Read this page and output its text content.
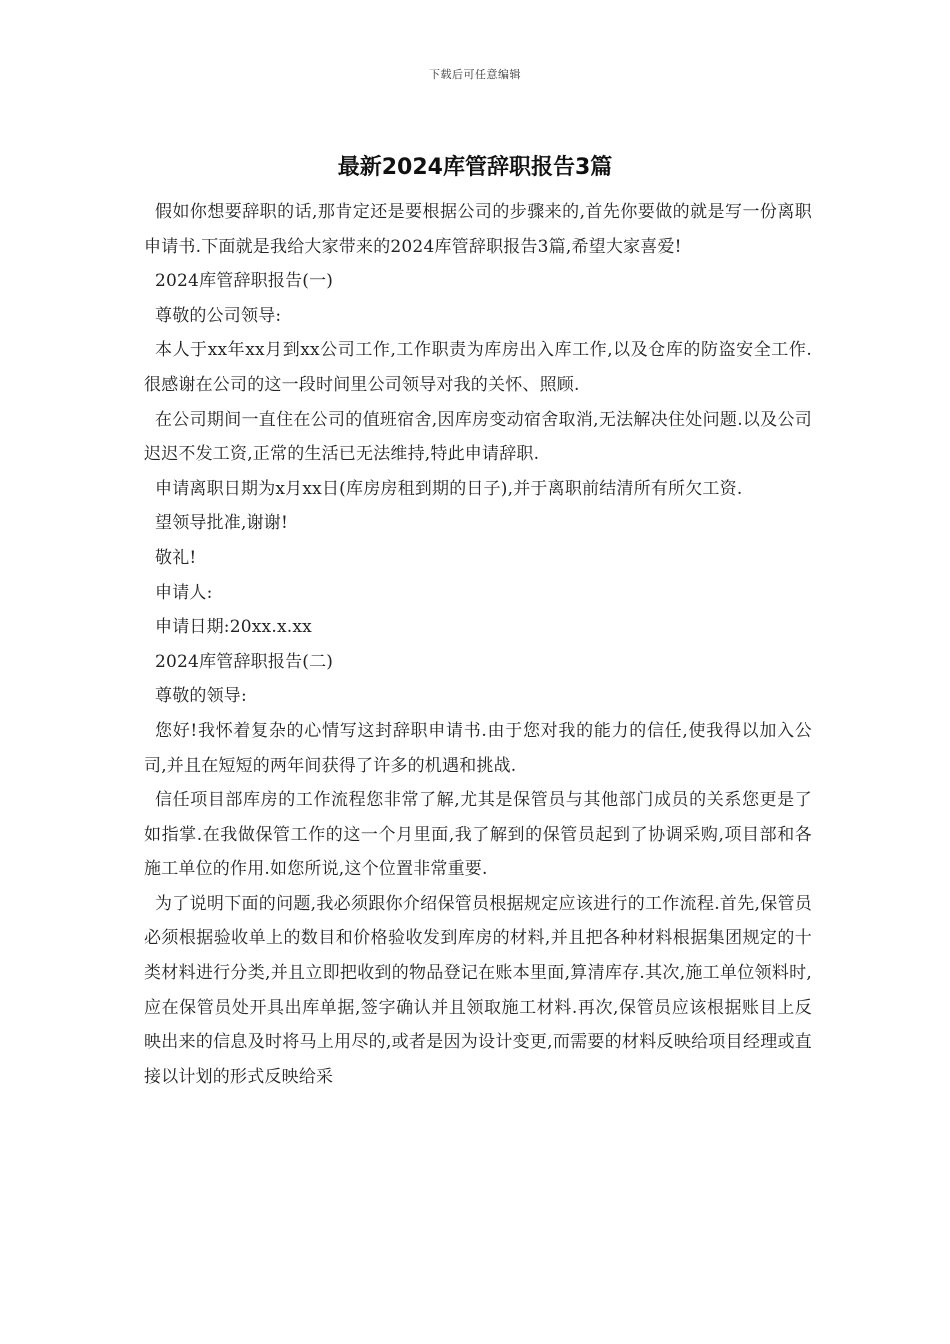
下载后可任意编辑
最新2024库管辞职报告3篇

假如你想要辞职的话,那肯定还是要根据公司的步骤来的,首先你要做的就是写一份离职申请书.下面就是我给大家带来的2024库管辞职报告3篇,希望大家喜爱!

2024库管辞职报告(一)

尊敬的公司领导:

本人于xx年xx月到xx公司工作,工作职责为库房出入库工作,以及仓库的防盗安全工作.很感谢在公司的这一段时间里公司领导对我的关怀、照顾.

在公司期间一直住在公司的值班宿舍,因库房变动宿舍取消,无法解决住处问题.以及公司迟迟不发工资,正常的生活已无法维持,特此申请辞职.

申请离职日期为x月xx日(库房房租到期的日子),并于离职前结清所有所欠工资.

望领导批准,谢谢!

敬礼!

申请人:

申请日期:20xx.x.xx

2024库管辞职报告(二)

尊敬的领导:

您好!我怀着复杂的心情写这封辞职申请书.由于您对我的能力的信任,使我得以加入公司,并且在短短的两年间获得了许多的机遇和挑战.

信任项目部库房的工作流程您非常了解,尤其是保管员与其他部门成员的关系您更是了如指掌.在我做保管工作的这一个月里面,我了解到的保管员起到了协调采购,项目部和各施工单位的作用.如您所说,这个位置非常重要.

为了说明下面的问题,我必须跟你介绍保管员根据规定应该进行的工作流程.首先,保管员必须根据验收单上的数目和价格验收发到库房的材料,并且把各种材料根据集团规定的十类材料进行分类,并且立即把收到的物品登记在账本里面,算清库存.其次,施工单位领料时,应在保管员处开具出库单据,签字确认并且领取施工材料.再次,保管员应该根据账目上反映出来的信息及时将马上用尽的,或者是因为设计变更,而需要的材料反映给项目经理或直接以计划的形式反映给采
